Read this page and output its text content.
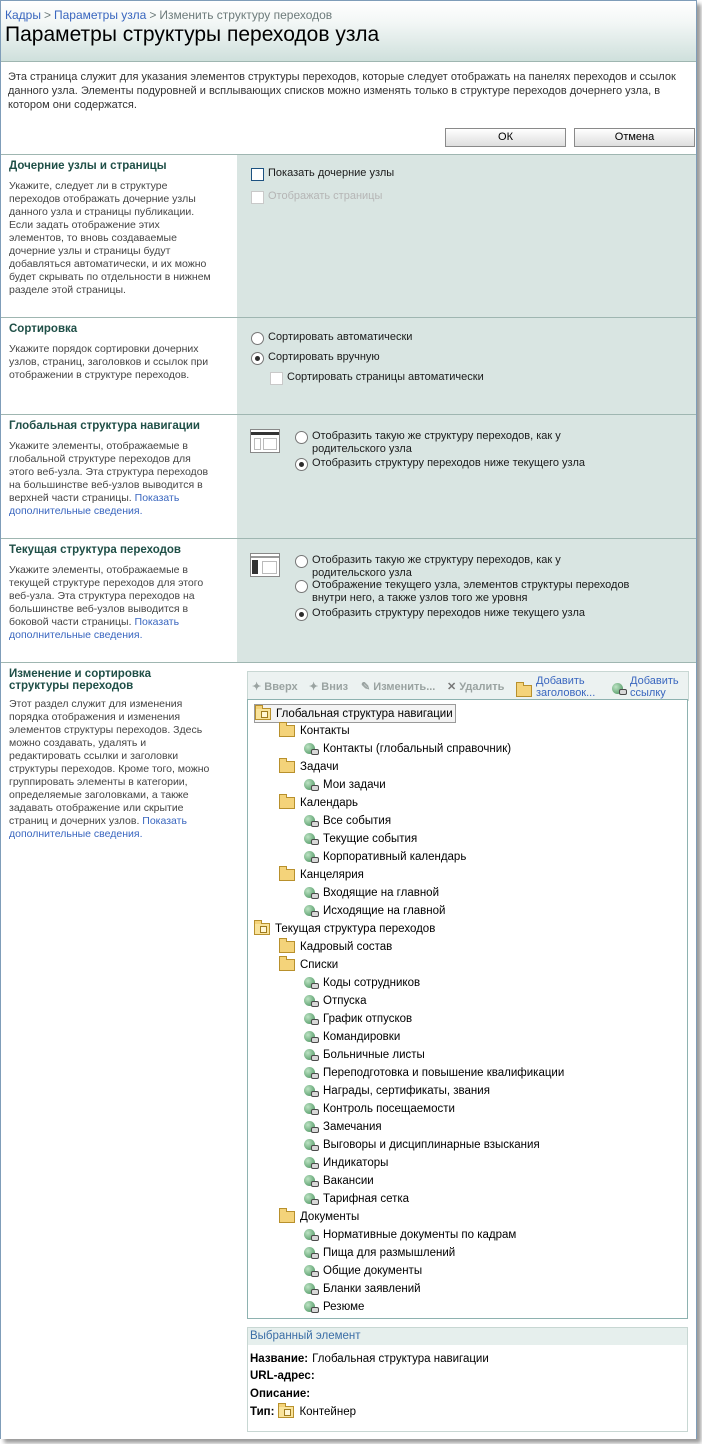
Кадры > Параметры узла > Изменить структуру переходов
Параметры структуры переходов узла
Эта страница служит для указания элементов структуры переходов, которые следует отображать на панелях переходов и ссылок данного узла. Элементы подуровней и всплывающих списков можно изменять только в структуре переходов дочернего узла, в котором они содержатся.
ОК	Отмена
Дочерние узлы и страницы
Укажите, следует ли в структуре переходов отображать дочерние узлы данного узла и страницы публикации. Если задать отображение этих элементов, то вновь создаваемые дочерние узлы и страницы будут добавляться автоматически, и их можно будет скрывать по отдельности в нижнем разделе этой страницы.
Показать дочерние узлы
Отображать страницы
Сортировка
Укажите порядок сортировки дочерних узлов, страниц, заголовков и ссылок при отображении в структуре переходов.
Сортировать автоматически
Сортировать вручную
Сортировать страницы автоматически
Глобальная структура навигации
Укажите элементы, отображаемые в глобальной структуре переходов для этого веб-узла. Эта структура переходов на большинстве веб-узлов выводится в верхней части страницы. Показать дополнительные сведения.
Отобразить такую же структуру переходов, как у родительского узла
Отобразить структуру переходов ниже текущего узла
Текущая структура переходов
Укажите элементы, отображаемые в текущей структуре переходов для этого веб-узла. Эта структура переходов на большинстве веб-узлов выводится в боковой части страницы. Показать дополнительные сведения.
Отобразить такую же структуру переходов, как у родительского узла
Отображение текущего узла, элементов структуры переходов внутри него, а также узлов того же уровня
Отобразить структуру переходов ниже текущего узла
Изменение и сортировка структуры переходов
Этот раздел служит для изменения порядка отображения и изменения элементов структуры переходов. Здесь можно создавать, удалять и редактировать ссылки и заголовки структуры переходов. Кроме того, можно группировать элементы в категории, определяемые заголовками, а также задавать отображение или скрытие страниц и дочерних узлов. Показать дополнительные сведения.
✦ Вверх ✦ Вниз ✎ Изменить... ✕ Удалить	Добавить заголовок...
Добавить ссылку
Глобальная структура навигации
Контакты
Контакты (глобальный справочник)
Задачи
Мои задачи
Календарь
Все события
Текущие события
Корпоративный календарь
Канцелярия
Входящие на главной
Исходящие на главной
Текущая структура переходов
Кадровый состав
Списки
Коды сотрудников
Отпуска
График отпусков
Командировки
Больничные листы
Переподготовка и повышение квалификации
Награды, сертификаты, звания
Контроль посещаемости
Замечания
Выговоры и дисциплинарные взыскания
Индикаторы
Вакансии
Тарифная сетка
Документы
Нормативные документы по кадрам
Пища для размышлений
Общие документы
Бланки заявлений
Резюме
Выбранный элемент
Название: Глобальная структура навигации
URL-адрес:
Описание:
Тип: Контейнер
